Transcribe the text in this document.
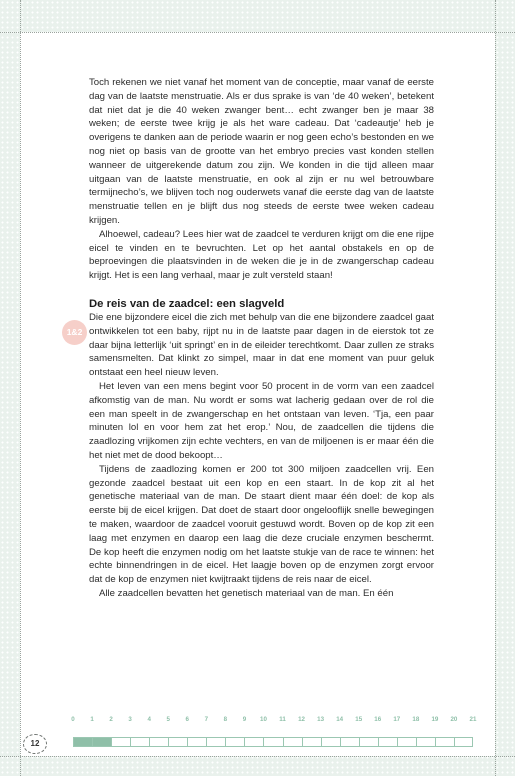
Toch rekenen we niet vanaf het moment van de conceptie, maar vanaf de eerste dag van de laatste menstruatie. Als er dus sprake is van ‘de 40 weken’, betekent dat niet dat je die 40 weken zwanger bent… echt zwanger ben je maar 38 weken; de eerste twee krijg je als het ware cadeau. Dat ‘cadeautje’ heb je overigens te danken aan de periode waarin er nog geen echo’s bestonden en we nog niet op basis van de grootte van het embryo precies vast konden stellen wanneer de uitgerekende datum zou zijn. We konden in die tijd alleen maar uitgaan van de laatste menstruatie, en ook al zijn er nu wel betrouwbare termijnecho’s, we blijven toch nog ouderwets vanaf die eerste dag van de laatste menstruatie tellen en je blijft dus nog steeds de eerste twee weken cadeau krijgen.

Alhoewel, cadeau? Lees hier wat de zaadcel te verduren krijgt om die ene rijpe eicel te vinden en te bevruchten. Let op het aantal obstakels en op de beproevingen die plaatsvinden in de weken die je in de zwangerschap cadeau krijgt. Het is een lang verhaal, maar je zult versteld staan!

De reis van de zaadcel: een slagveld

Die ene bijzondere eicel die zich met behulp van die ene bijzondere zaadcel gaat ontwikkelen tot een baby, rijpt nu in de laatste paar dagen in de eierstok tot ze daar bijna letterlijk ‘uit springt’ en in de eileider terechtkomt. Daar zullen ze straks samensmelten. Dat klinkt zo simpel, maar in dat ene moment van puur geluk ontstaat een heel nieuw leven.

Het leven van een mens begint voor 50 procent in de vorm van een zaadcel afkomstig van de man. Nu wordt er soms wat lacherig gedaan over de rol die een man speelt in de zwangerschap en het ontstaan van leven. ‘Tja, een paar minuten lol en voor hem zat het erop.’ Nou, de zaadcellen die tijdens die zaadlozing vrijkomen zijn echte vechters, en van de miljoenen is er maar één die het niet met de dood bekoopt…

Tijdens de zaadlozing komen er 200 tot 300 miljoen zaadcellen vrij. Een gezonde zaadcel bestaat uit een kop en een staart. In de kop zit al het genetische materiaal van de man. De staart dient maar één doel: de kop als eerste bij de eicel krijgen. Dat doet de staart door ongelooflijk snelle bewegingen te maken, waardoor de zaadcel vooruit gestuwd wordt. Boven op de kop zit een laag met enzymen en daarop een laag die deze cruciale enzymen beschermt. De kop heeft die enzymen nodig om het laatste stukje van de race te winnen: het echte binnendringen in de eicel. Het laagje boven op de enzymen zorgt ervoor dat de kop de enzymen niet kwijtraakt tijdens de reis naar de eicel.

Alle zaadcellen bevatten het genetisch materiaal van de man. En één

1&2
0	1	2	3	4	5	6	7	8	9	10	11	12	13	14	15	16	17	18	19	20	21
12
